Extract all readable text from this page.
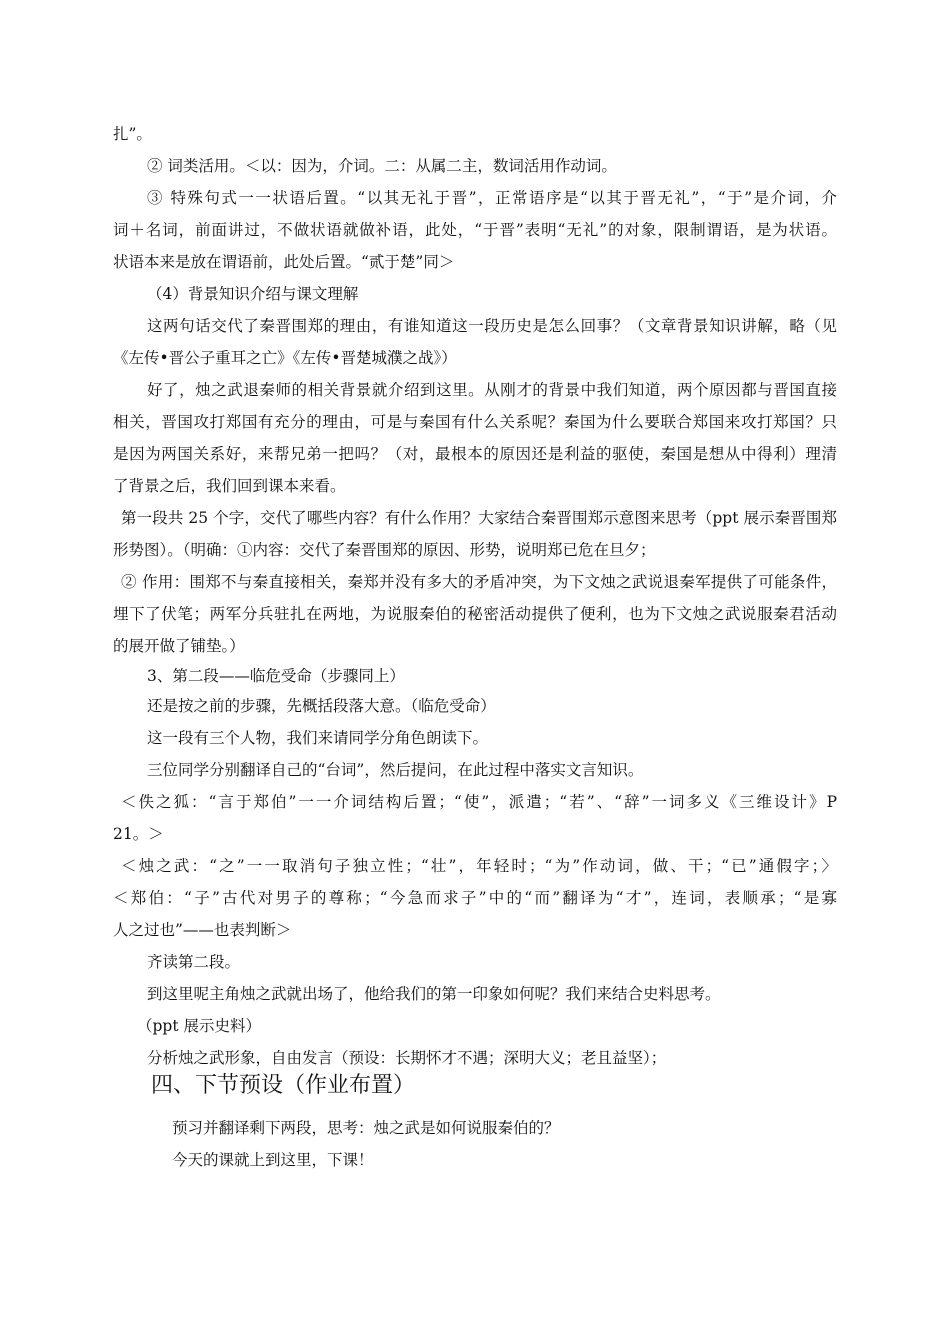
扎”。
② 词类活用。＜以：因为，介词。二：从属二主，数词活用作动词。
③ 特殊句式一一状语后置。“以其无礼于晋”，正常语序是“以其于晋无礼”，“于”是介词，介
词＋名词，前面讲过，不做状语就做补语，此处，“于晋”表明“无礼”的对象，限制谓语，是为状语。
状语本来是放在谓语前，此处后置。“贰于楚”同＞
（4）背景知识介绍与课文理解
这两句话交代了秦晋围郑的理由，有谁知道这一段历史是怎么回事？（文章背景知识讲解，略（见
《左传•晋公子重耳之亡》《左传•晋楚城濮之战》）
好了，烛之武退秦师的相关背景就介绍到这里。从刚才的背景中我们知道，两个原因都与晋国直接
相关，晋国攻打郑国有充分的理由，可是与秦国有什么关系呢？秦国为什么要联合郑国来攻打郑国？只
是因为两国关系好，来帮兄弟一把吗？（对，最根本的原因还是利益的驱使，秦国是想从中得利）理清
了背景之后，我们回到课本来看。
第一段共 25 个字，交代了哪些内容？有什么作用？大家结合秦晋围郑示意图来思考（ppt 展示秦晋围郑
形势图）。（明确：①内容：交代了秦晋围郑的原因、形势，说明郑已危在旦夕；
② 作用：围郑不与秦直接相关，秦郑并没有多大的矛盾冲突，为下文烛之武说退秦军提供了可能条件，
埋下了伏笔；两军分兵驻扎在两地，为说服秦伯的秘密活动提供了便利，也为下文烛之武说服秦君活动
的展开做了铺垫。）
3、第二段——临危受命（步骤同上）
还是按之前的步骤，先概括段落大意。（临危受命）
这一段有三个人物，我们来请同学分角色朗读下。
三位同学分别翻译自己的“台词”，然后提问，在此过程中落实文言知识。
＜佚之狐：“言于郑伯”一一介词结构后置；“使”，派遣；“若”、“辞”一词多义《三维设计》P
21。＞
＜烛之武：“之”一一取消句子独立性；“壮”，年轻时；“为”作动词，做、干；“已”通假字；〉
＜郑伯：“子”古代对男子的尊称；“今急而求子”中的“而”翻译为“才”，连词，表顺承；“是寡
人之过也”——也表判断＞
齐读第二段。
到这里呢主角烛之武就出场了，他给我们的第一印象如何呢？我们来结合史料思考。
（ppt 展示史料）
分析烛之武形象，自由发言（预设：长期怀才不遇；深明大义；老且益坚）；
四、下节预设（作业布置）
预习并翻译剩下两段，思考：烛之武是如何说服秦伯的？
今天的课就上到这里，下课！
